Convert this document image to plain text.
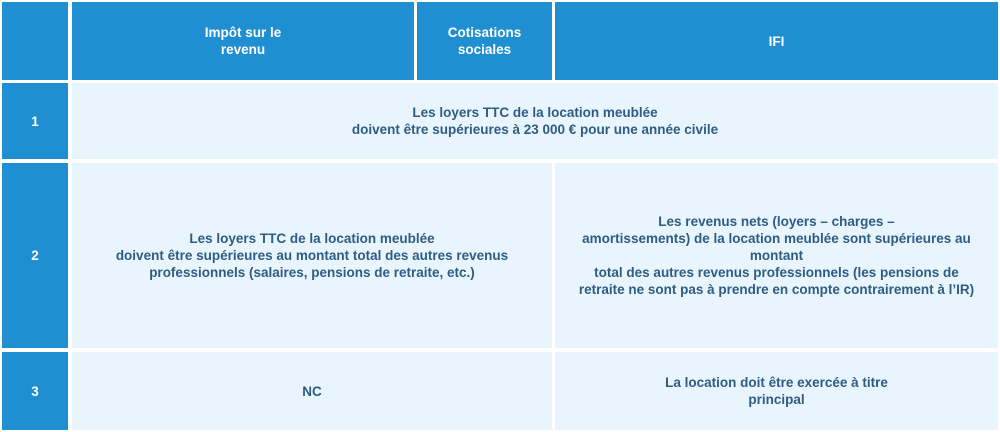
Impôt sur le
revenu
Cotisations
sociales
IFI
1
Les loyers TTC de la location meublée
doivent être supérieures à 23 000 € pour une année civile
2
Les loyers TTC de la location meublée
doivent être supérieures au montant total des autres revenus
professionnels (salaires, pensions de retraite, etc.)
Les revenus nets (loyers – charges –
amortissements) de la location meublée sont supérieures au
montant
total des autres revenus professionnels (les pensions de
retraite ne sont pas à prendre en compte contrairement à l’IR)
3	NC
La location doit être exercée à titre
principal
